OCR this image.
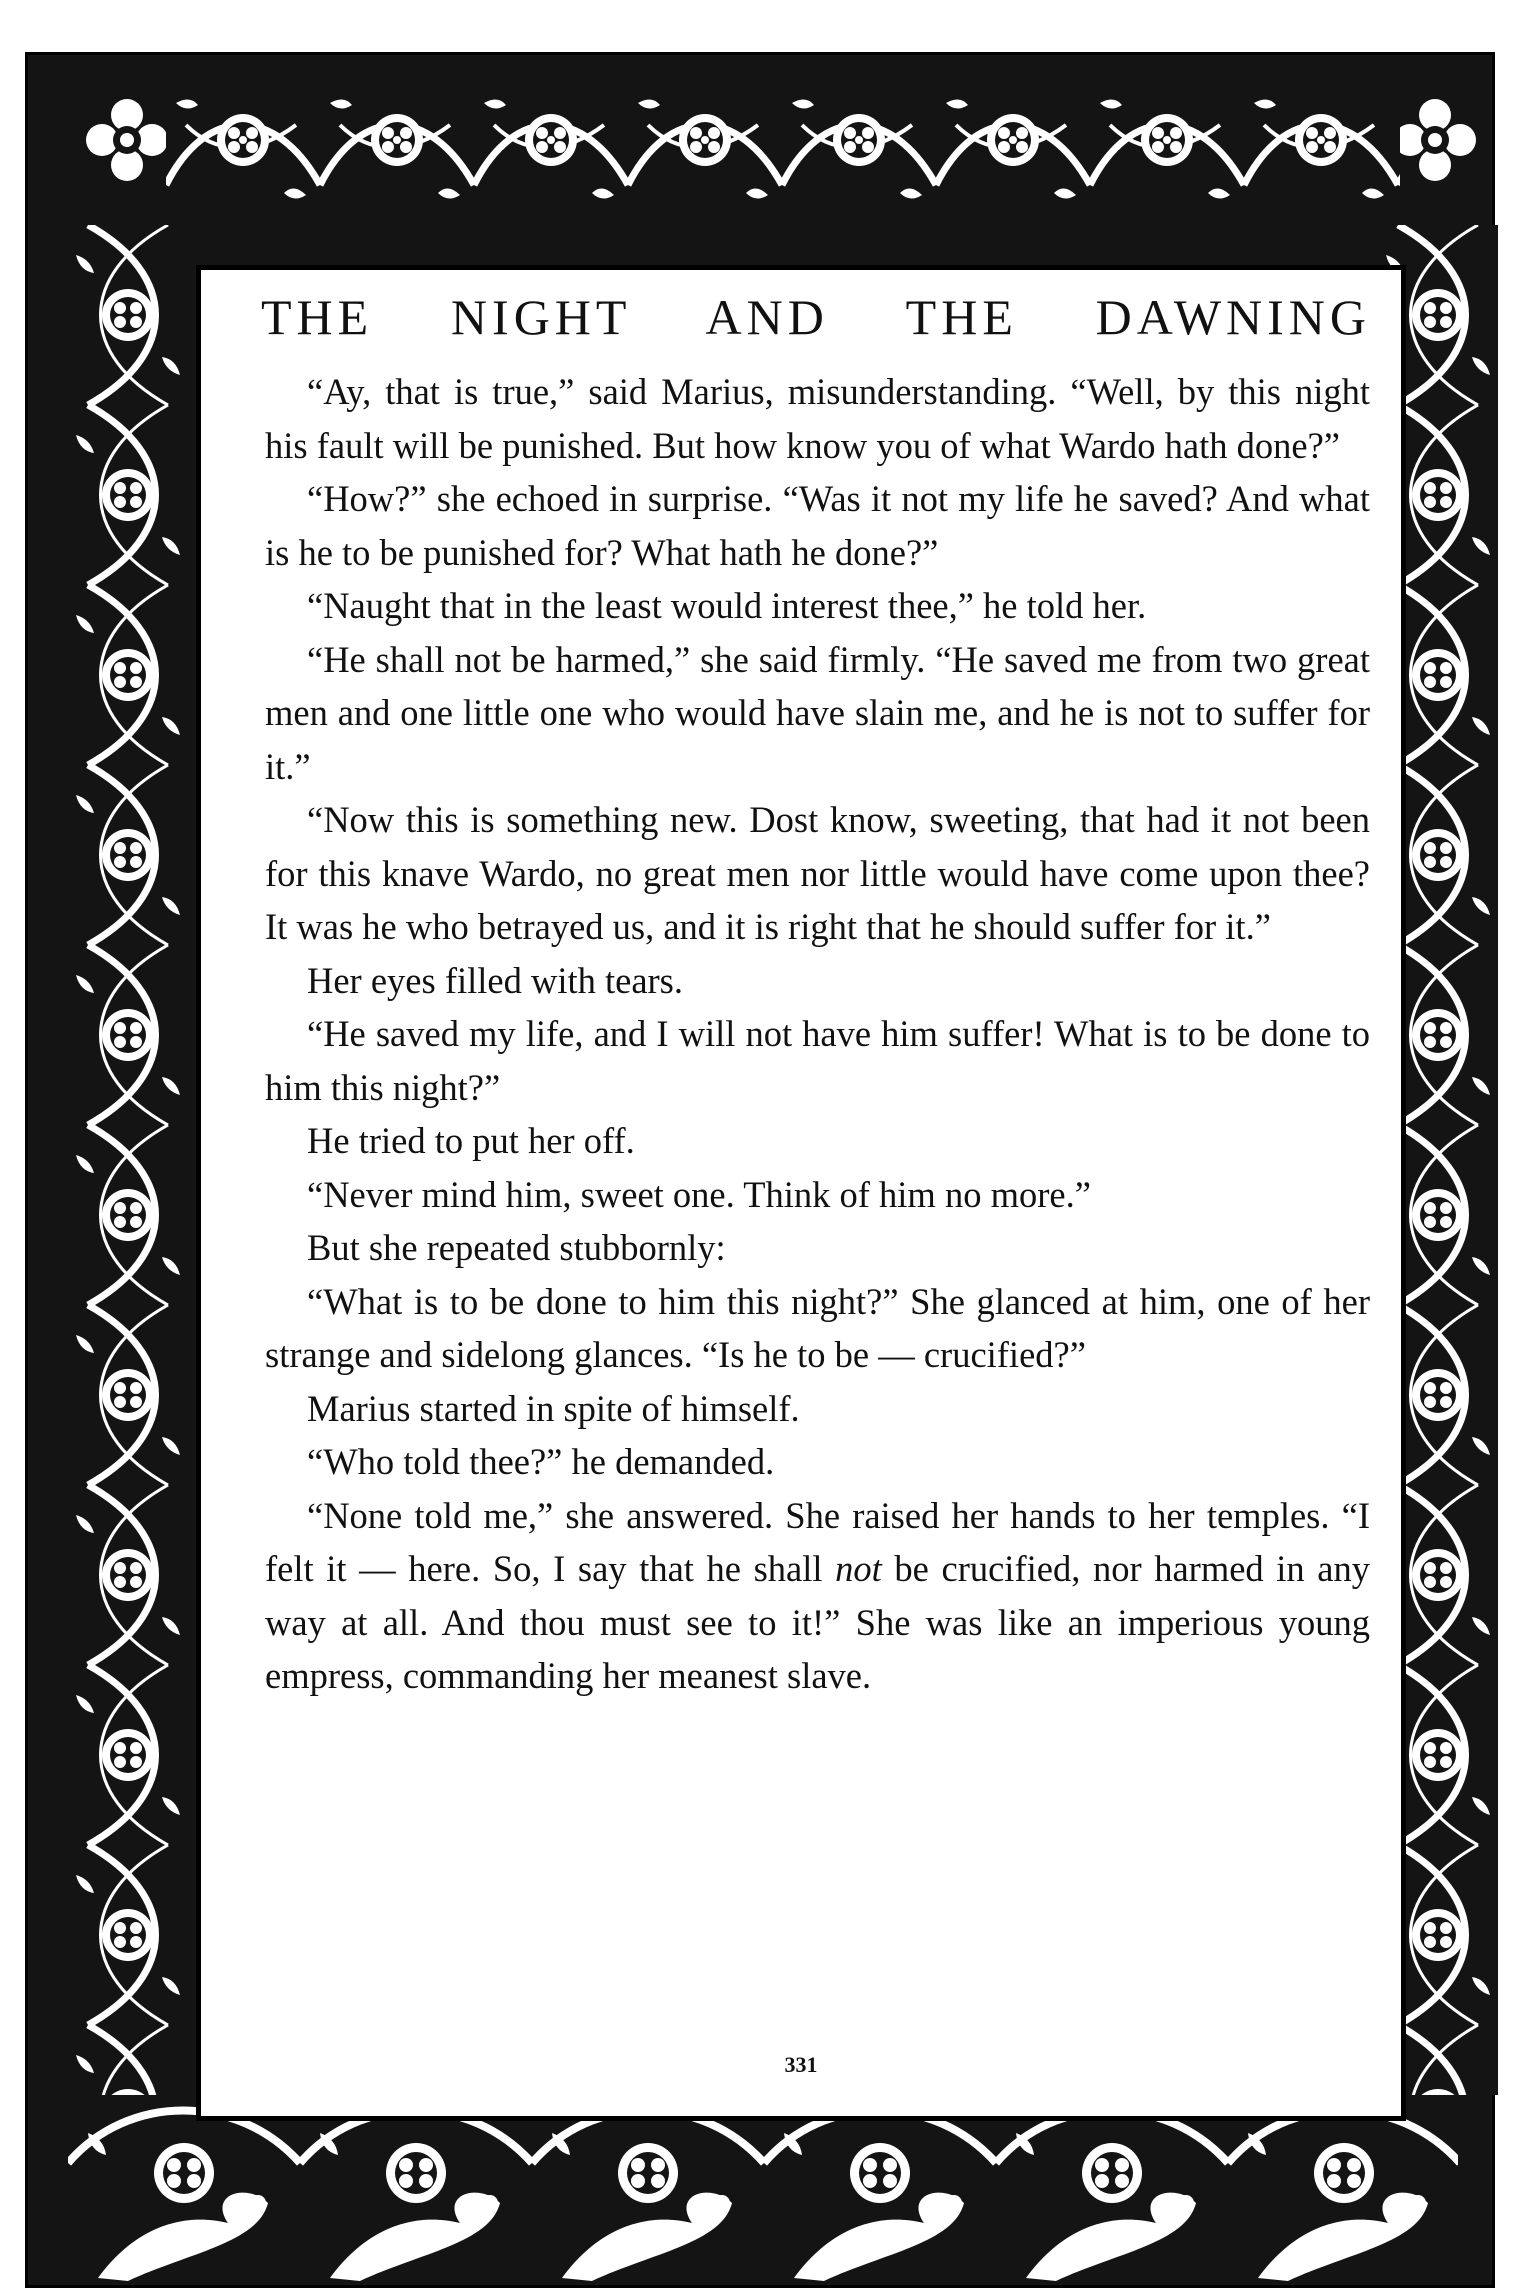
THE NIGHT AND THE DAWNING

“Ay, that is true,” said Marius, misunderstanding. “Well, by this night his fault will be punished. But how know you of what Wardo hath done?”

“How?” she echoed in surprise. “Was it not my life he saved? And what is he to be punished for? What hath he done?”

“Naught that in the least would interest thee,” he told her.

“He shall not be harmed,” she said firmly. “He saved me from two great men and one little one who would have slain me, and he is not to suffer for it.”

“Now this is something new. Dost know, sweeting, that had it not been for this knave Wardo, no great men nor little would have come upon thee? It was he who betrayed us, and it is right that he should suffer for it.”

Her eyes filled with tears.

“He saved my life, and I will not have him suffer! What is to be done to him this night?”

He tried to put her off.

“Never mind him, sweet one. Think of him no more.”

But she repeated stubbornly:

“What is to be done to him this night?” She glanced at him, one of her strange and sidelong glances. “Is he to be — crucified?”

Marius started in spite of himself.

“Who told thee?” he demanded.

“None told me,” she answered. She raised her hands to her temples. “I felt it — here. So, I say that he shall not be crucified, nor harmed in any way at all. And thou must see to it!” She was like an imperious young empress, commanding her meanest slave.

331
